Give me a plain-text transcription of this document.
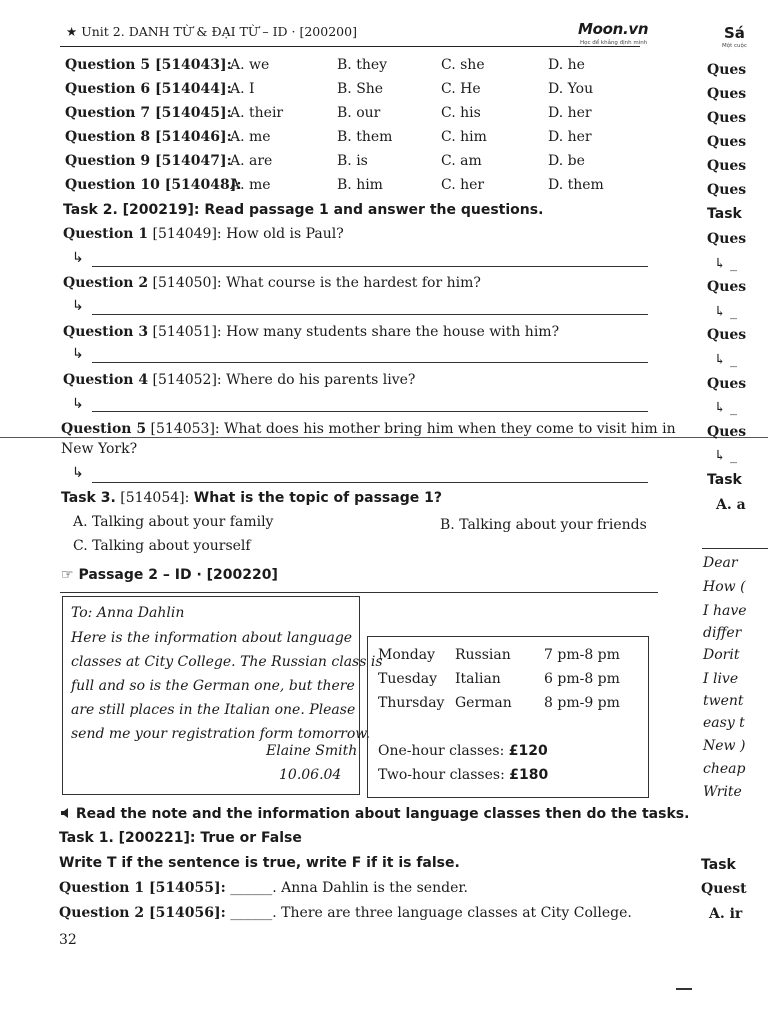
★ Unit 2. DANH TỪ & ĐẠI TỪ – ID · [200200]	Moon.vn
Học để khẳng định mình
Sá
Một cuộc
Question 5 [514043]:
A. we	B. they	C. she	D. he
Question 6 [514044]:
A. I	B. She	C. He	D. You
Question 7 [514045]:
A. their	B. our	C. his	D. her
Question 8 [514046]:
A. me	B. them	C. him	D. her
Question 9 [514047]:
A. are	B. is	C. am	D. be
Question 10 [514048]:
A. me	B. him	C. her	D. them
Task 2. [200219]: Read passage 1 and answer the questions.
Question 1 [514049]: How old is Paul?
↳
Question 2 [514050]: What course is the hardest for him?
↳
Question 3 [514051]: How many students share the house with him?
↳
Question 4 [514052]: Where do his parents live?
↳
Question 5 [514053]: What does his mother bring him when they come to visit him in
New York?
↳
Task 3. [514054]: What is the topic of passage 1?
A. Talking about your family	B. Talking about your friends
C. Talking about yourself
☞ Passage 2 – ID · [200220]
To: Anna Dahlin
Here is the information about language
classes at City College. The Russian class is
full and so is the German one, but there
are still places in the Italian one. Please
send me your registration form tomorrow.
Elaine Smith
10.06.04
Monday Russian 7 pm-8 pm
Tuesday Italian	6 pm-8 pm
Thursday German 8 pm-9 pm
One-hour classes: £120
Two-hour classes: £180
Read the note and the information about language classes then do the tasks.
Task 1. [200221]: True or False
Write T if the sentence is true, write F if it is false.
Question 1 [514055]: ______. Anna Dahlin is the sender.
Question 2 [514056]: ______. There are three language classes at City College.
32
Ques
Ques
Ques
Ques
Ques
Ques
Task
Ques
↳ _
Ques
↳ _
Ques
↳ _
Ques
↳ _
Ques
↳ _
Task
A. a
Dear
How (
I have
differ
Dorit
I live
twent
easy t
New )
cheap
Write
Task
Quest
A. ir
